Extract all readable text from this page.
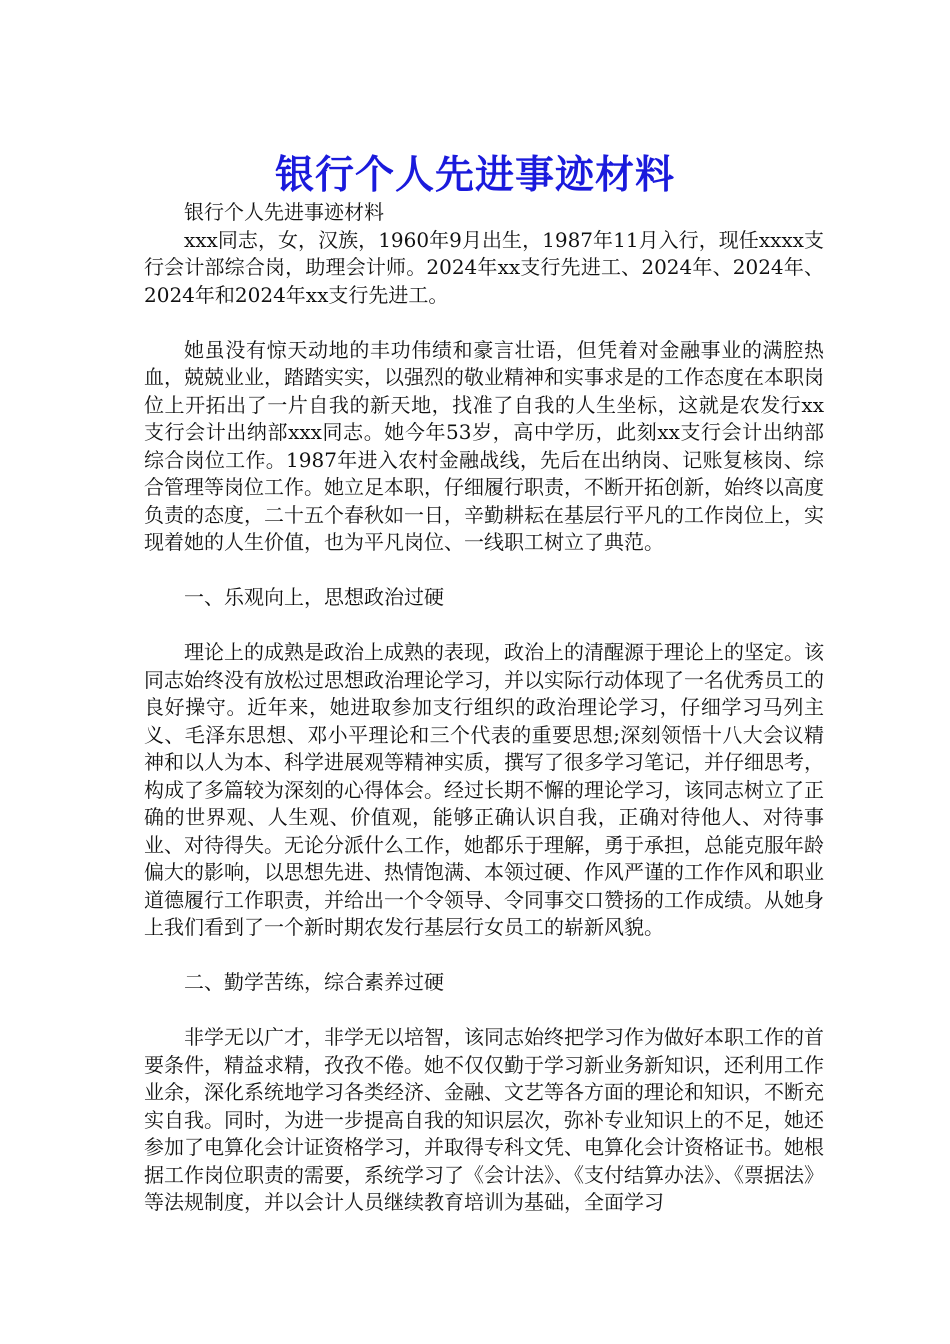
银行个人先进事迹材料

银行个人先进事迹材料

xxx同志，女，汉族，1960年9月出生，1987年11月入行，现任xxxx支行会计部综合岗，助理会计师。2024年xx支行先进工、2024年、2024年、2024年和2024年xx支行先进工。

她虽没有惊天动地的丰功伟绩和豪言壮语，但凭着对金融事业的满腔热血，兢兢业业，踏踏实实，以强烈的敬业精神和实事求是的工作态度在本职岗位上开拓出了一片自我的新天地，找准了自我的人生坐标，这就是农发行xx支行会计出纳部xxx同志。她今年53岁，高中学历，此刻xx支行会计出纳部综合岗位工作。1987年进入农村金融战线，先后在出纳岗、记账复核岗、综合管理等岗位工作。她立足本职，仔细履行职责，不断开拓创新，始终以高度负责的态度，二十五个春秋如一日，辛勤耕耘在基层行平凡的工作岗位上，实现着她的人生价值，也为平凡岗位、一线职工树立了典范。

一、乐观向上，思想政治过硬

理论上的成熟是政治上成熟的表现，政治上的清醒源于理论上的坚定。该同志始终没有放松过思想政治理论学习，并以实际行动体现了一名优秀员工的良好操守。近年来，她进取参加支行组织的政治理论学习，仔细学习马列主义、毛泽东思想、邓小平理论和三个代表的重要思想;深刻领悟十八大会议精神和以人为本、科学进展观等精神实质，撰写了很多学习笔记，并仔细思考，构成了多篇较为深刻的心得体会。经过长期不懈的理论学习，该同志树立了正确的世界观、人生观、价值观，能够正确认识自我，正确对待他人、对待事业、对待得失。无论分派什么工作，她都乐于理解，勇于承担，总能克服年龄偏大的影响，以思想先进、热情饱满、本领过硬、作风严谨的工作作风和职业道德履行工作职责，并给出一个令领导、令同事交口赞扬的工作成绩。从她身上我们看到了一个新时期农发行基层行女员工的崭新风貌。

二、勤学苦练，综合素养过硬

非学无以广才，非学无以培智，该同志始终把学习作为做好本职工作的首要条件，精益求精，孜孜不倦。她不仅仅勤于学习新业务新知识，还利用工作业余，深化系统地学习各类经济、金融、文艺等各方面的理论和知识，不断充实自我。同时，为进一步提高自我的知识层次，弥补专业知识上的不足，她还参加了电算化会计证资格学习，并取得专科文凭、电算化会计资格证书。她根据工作岗位职责的需要，系统学习了《会计法》、《支付结算办法》、《票据法》等法规制度，并以会计人员继续教育培训为基础，全面学习
